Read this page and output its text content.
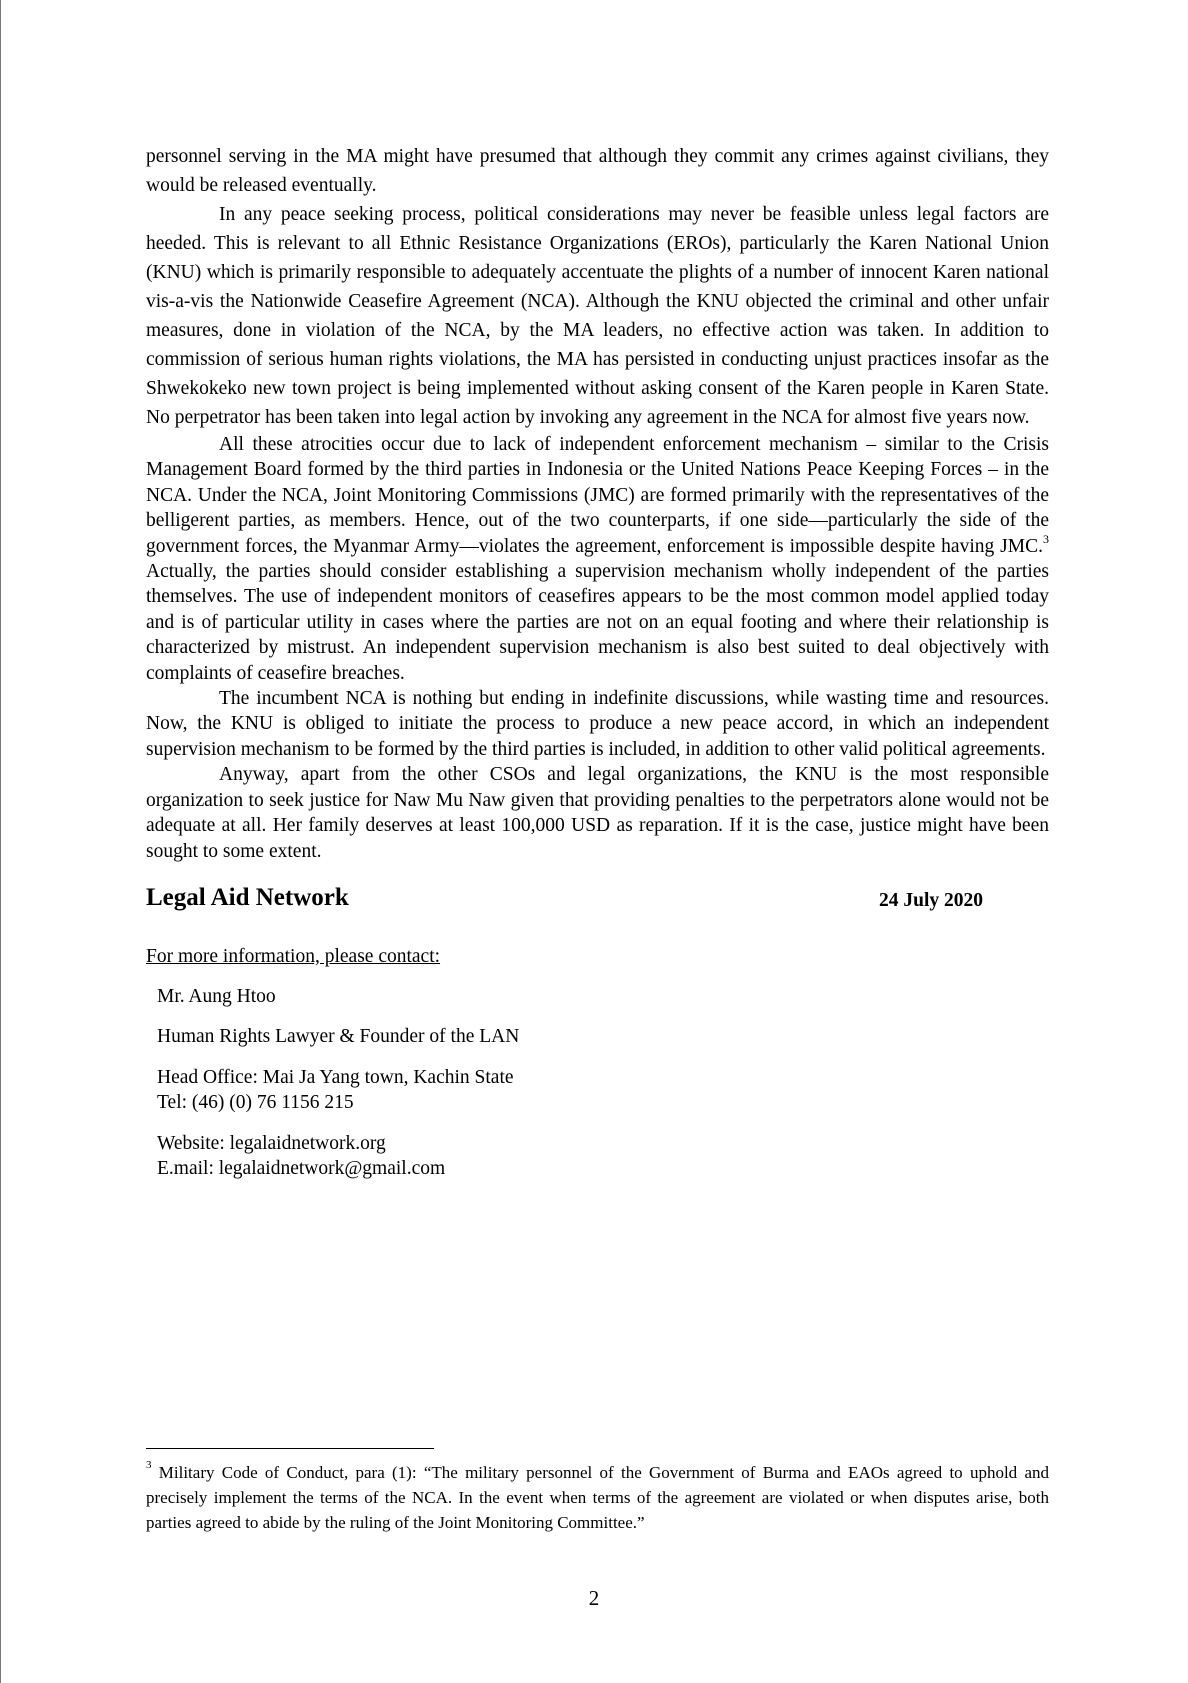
personnel serving in the MA might have presumed that although they commit any crimes against civilians, they would be released eventually.

In any peace seeking process, political considerations may never be feasible unless legal factors are heeded. This is relevant to all Ethnic Resistance Organizations (EROs), particularly the Karen National Union (KNU) which is primarily responsible to adequately accentuate the plights of a number of innocent Karen national vis-a-vis the Nationwide Ceasefire Agreement (NCA). Although the KNU objected the criminal and other unfair measures, done in violation of the NCA, by the MA leaders, no effective action was taken. In addition to commission of serious human rights violations, the MA has persisted in conducting unjust practices insofar as the Shwekokeko new town project is being implemented without asking consent of the Karen people in Karen State. No perpetrator has been taken into legal action by invoking any agreement in the NCA for almost five years now.

All these atrocities occur due to lack of independent enforcement mechanism – similar to the Crisis Management Board formed by the third parties in Indonesia or the United Nations Peace Keeping Forces – in the NCA. Under the NCA, Joint Monitoring Commissions (JMC) are formed primarily with the representatives of the belligerent parties, as members. Hence, out of the two counterparts, if one side—particularly the side of the government forces, the Myanmar Army—violates the agreement, enforcement is impossible despite having JMC.$^3$ Actually, the parties should consider establishing a supervision mechanism wholly independent of the parties themselves. The use of independent monitors of ceasefires appears to be the most common model applied today and is of particular utility in cases where the parties are not on an equal footing and where their relationship is characterized by mistrust. An independent supervision mechanism is also best suited to deal objectively with complaints of ceasefire breaches.

The incumbent NCA is nothing but ending in indefinite discussions, while wasting time and resources. Now, the KNU is obliged to initiate the process to produce a new peace accord, in which an independent supervision mechanism to be formed by the third parties is included, in addition to other valid political agreements.

Anyway, apart from the other CSOs and legal organizations, the KNU is the most responsible organization to seek justice for Naw Mu Naw given that providing penalties to the perpetrators alone would not be adequate at all. Her family deserves at least 100,000 USD as reparation. If it is the case, justice might have been sought to some extent.

Legal Aid Network	24 July 2020
For more information, please contact:
Mr. Aung Htoo
Human Rights Lawyer & Founder of the LAN
Head Office: Mai Ja Yang town, Kachin State
Tel: (46) (0) 76 1156 215
Website: legalaidnetwork.org
E.mail: legalaidnetwork@gmail.com
$^3$ Military Code of Conduct, para (1): “The military personnel of the Government of Burma and EAOs agreed to uphold and precisely implement the terms of the NCA. In the event when terms of the agreement are violated or when disputes arise, both parties agreed to abide by the ruling of the Joint Monitoring Committee.”
2
